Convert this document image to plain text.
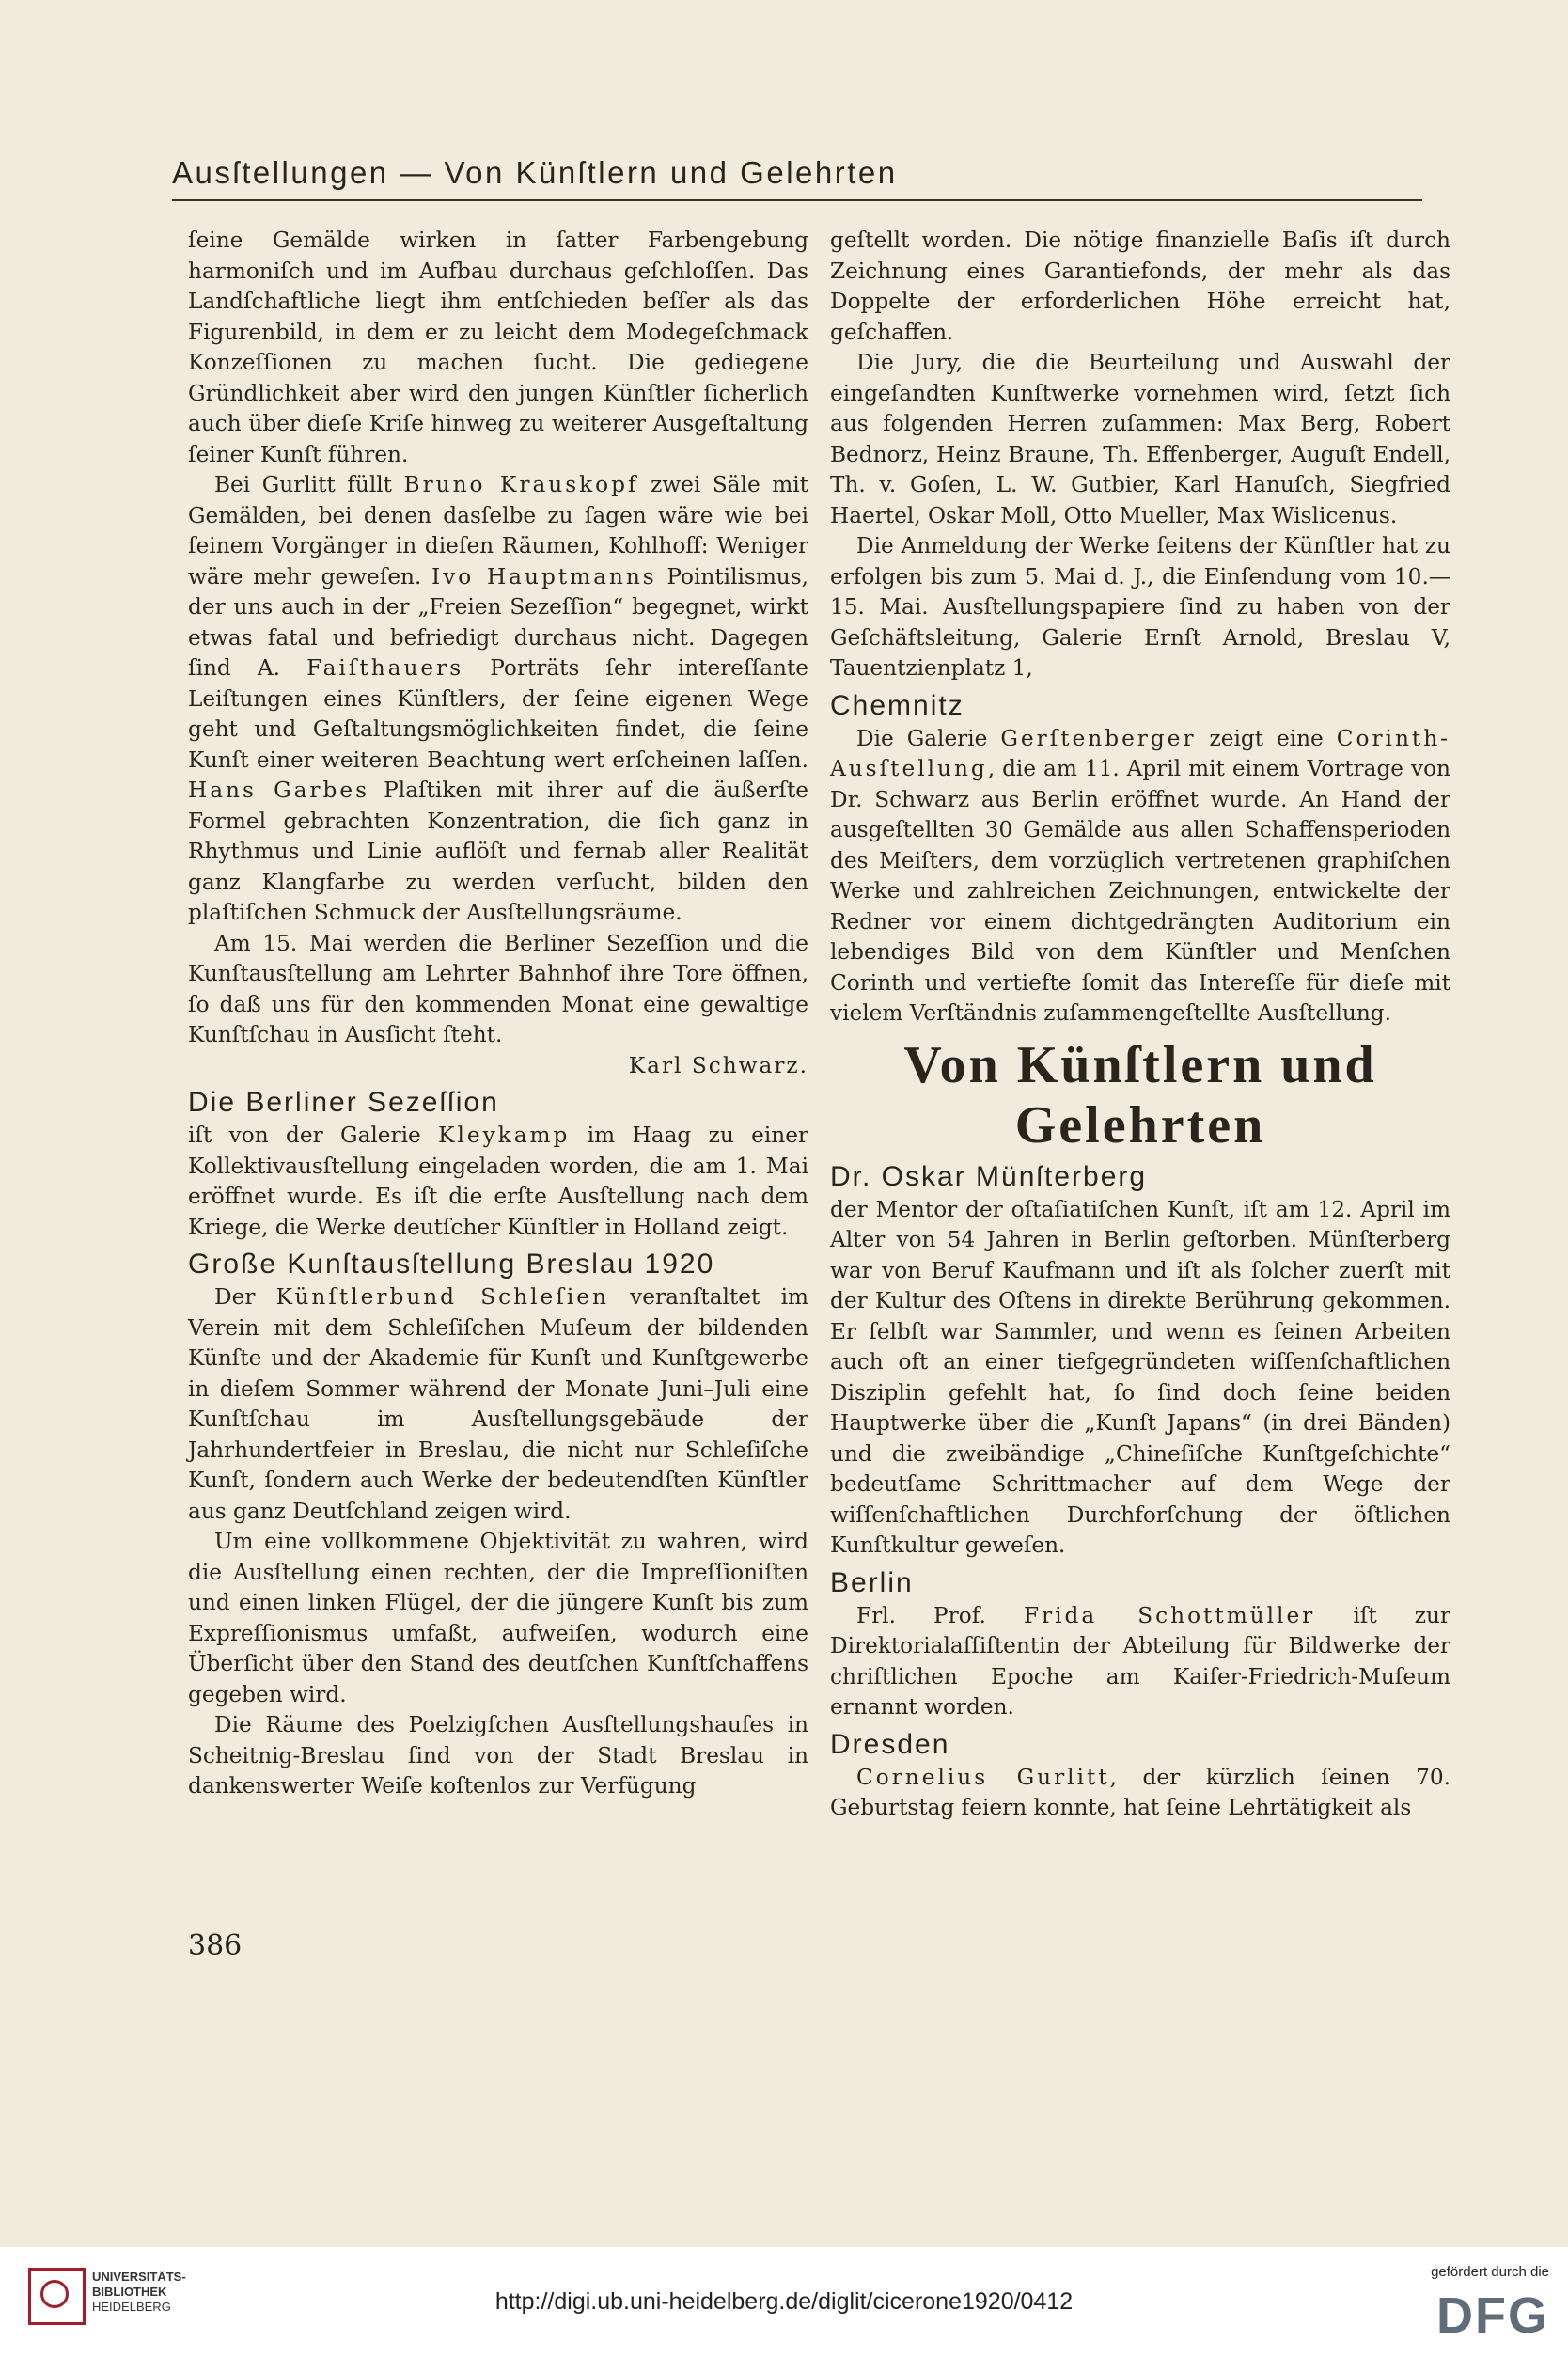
Ausſtellungen — Von Künſtlern und Gelehrten

ſeine Gemälde wirken in ſatter Farbengebung harmoniſch und im Aufbau durchaus geſchloſſen. Das Landſchaftliche liegt ihm entſchieden beſſer als das Figurenbild, in dem er zu leicht dem Modegeſchmack Konzeſſionen zu machen ſucht. Die gediegene Gründlichkeit aber wird den jungen Künſtler ſicherlich auch über dieſe Kriſe hinweg zu weiterer Ausgeſtaltung ſeiner Kunſt führen.

Bei Gurlitt füllt Bruno Krauskopf zwei Säle mit Gemälden, bei denen dasſelbe zu ſagen wäre wie bei ſeinem Vorgänger in dieſen Räumen, Kohlhoff: Weniger wäre mehr geweſen. Ivo Hauptmanns Pointilismus, der uns auch in der „Freien Sezeſſion“ begegnet, wirkt etwas fatal und befriedigt durchaus nicht. Dagegen ſind A. Faiſthauers Porträts ſehr intereſſante Leiſtungen eines Künſtlers, der ſeine eigenen Wege geht und Geſtaltungsmöglichkeiten findet, die ſeine Kunſt einer weiteren Beachtung wert erſcheinen laſſen. Hans Garbes Plaſtiken mit ihrer auf die äußerſte Formel gebrachten Konzentration, die ſich ganz in Rhythmus und Linie auflöſt und fernab aller Realität ganz Klangfarbe zu werden verſucht, bilden den plaſtiſchen Schmuck der Ausſtellungsräume.

Am 15. Mai werden die Berliner Sezeſſion und die Kunſtausſtellung am Lehrter Bahnhof ihre Tore öffnen, ſo daß uns für den kommenden Monat eine gewaltige Kunſtſchau in Ausſicht ſteht.

Karl Schwarz.

Die Berliner Sezeſſion

iſt von der Galerie Kleykamp im Haag zu einer Kollektivausſtellung eingeladen worden, die am 1. Mai eröffnet wurde. Es iſt die erſte Ausſtellung nach dem Kriege, die Werke deutſcher Künſtler in Holland zeigt.

Große Kunſtausſtellung Breslau 1920

Der Künſtlerbund Schleſien veranſtaltet im Verein mit dem Schleſiſchen Muſeum der bildenden Künſte und der Akademie für Kunſt und Kunſtgewerbe in dieſem Sommer während der Monate Juni–Juli eine Kunſtſchau im Ausſtellungsgebäude der Jahrhundertfeier in Breslau, die nicht nur Schleſiſche Kunſt, ſondern auch Werke der bedeutendſten Künſtler aus ganz Deutſchland zeigen wird.

Um eine vollkommene Objektivität zu wahren, wird die Ausſtellung einen rechten, der die Impreſſioniſten und einen linken Flügel, der die jüngere Kunſt bis zum Expreſſionismus umfaßt, aufweiſen, wodurch eine Überſicht über den Stand des deutſchen Kunſtſchaffens gegeben wird.

Die Räume des Poelzigſchen Ausſtellungshauſes in Scheitnig-Breslau ſind von der Stadt Breslau in dankenswerter Weiſe koſtenlos zur Verfügung

geſtellt worden. Die nötige finanzielle Baſis iſt durch Zeichnung eines Garantiefonds, der mehr als das Doppelte der erforderlichen Höhe erreicht hat, geſchaffen.

Die Jury, die die Beurteilung und Auswahl der eingeſandten Kunſtwerke vornehmen wird, ſetzt ſich aus folgenden Herren zuſammen: Max Berg, Robert Bednorz, Heinz Braune, Th. Effenberger, Auguſt Endell, Th. v. Goſen, L. W. Gutbier, Karl Hanuſch, Siegfried Haertel, Oskar Moll, Otto Mueller, Max Wislicenus.

Die Anmeldung der Werke ſeitens der Künſtler hat zu erfolgen bis zum 5. Mai d. J., die Einſendung vom 10.—15. Mai. Ausſtellungspapiere ſind zu haben von der Geſchäftsleitung, Galerie Ernſt Arnold, Breslau V, Tauentzienplatz 1,

Chemnitz

Die Galerie Gerſtenberger zeigt eine Corinth-Ausſtellung, die am 11. April mit einem Vortrage von Dr. Schwarz aus Berlin eröffnet wurde. An Hand der ausgeſtellten 30 Gemälde aus allen Schaffensperioden des Meiſters, dem vorzüglich vertretenen graphiſchen Werke und zahlreichen Zeichnungen, entwickelte der Redner vor einem dichtgedrängten Auditorium ein lebendiges Bild von dem Künſtler und Menſchen Corinth und vertiefte ſomit das Intereſſe für dieſe mit vielem Verſtändnis zuſammengeſtellte Ausſtellung.

Von Künſtlern und
Gelehrten
Dr. Oskar Münſterberg

der Mentor der oſtaſiatiſchen Kunſt, iſt am 12. April im Alter von 54 Jahren in Berlin geſtorben. Münſterberg war von Beruf Kaufmann und iſt als ſolcher zuerſt mit der Kultur des Oſtens in direkte Berührung gekommen. Er ſelbſt war Sammler, und wenn es ſeinen Arbeiten auch oft an einer tiefgegründeten wiſſenſchaftlichen Disziplin gefehlt hat, ſo ſind doch ſeine beiden Hauptwerke über die „Kunſt Japans“ (in drei Bänden) und die zweibändige „Chineſiſche Kunſtgeſchichte“ bedeutſame Schrittmacher auf dem Wege der wiſſenſchaftlichen Durchforſchung der öſtlichen Kunſtkultur geweſen.

Berlin

Frl. Prof. Frida Schottmüller iſt zur Direktorialaſſiſtentin der Abteilung für Bildwerke der chriſtlichen Epoche am Kaiſer-Friedrich-Muſeum ernannt worden.

Dresden

Cornelius Gurlitt, der kürzlich ſeinen 70. Geburtstag feiern konnte, hat ſeine Lehrtätigkeit als

386
UNIVERSITÄTS-
BIBLIOTHEK
HEIDELBERG	http://digi.ub.uni-heidelberg.de/diglit/cicerone1920/0412
gefördert durch die
DFG
